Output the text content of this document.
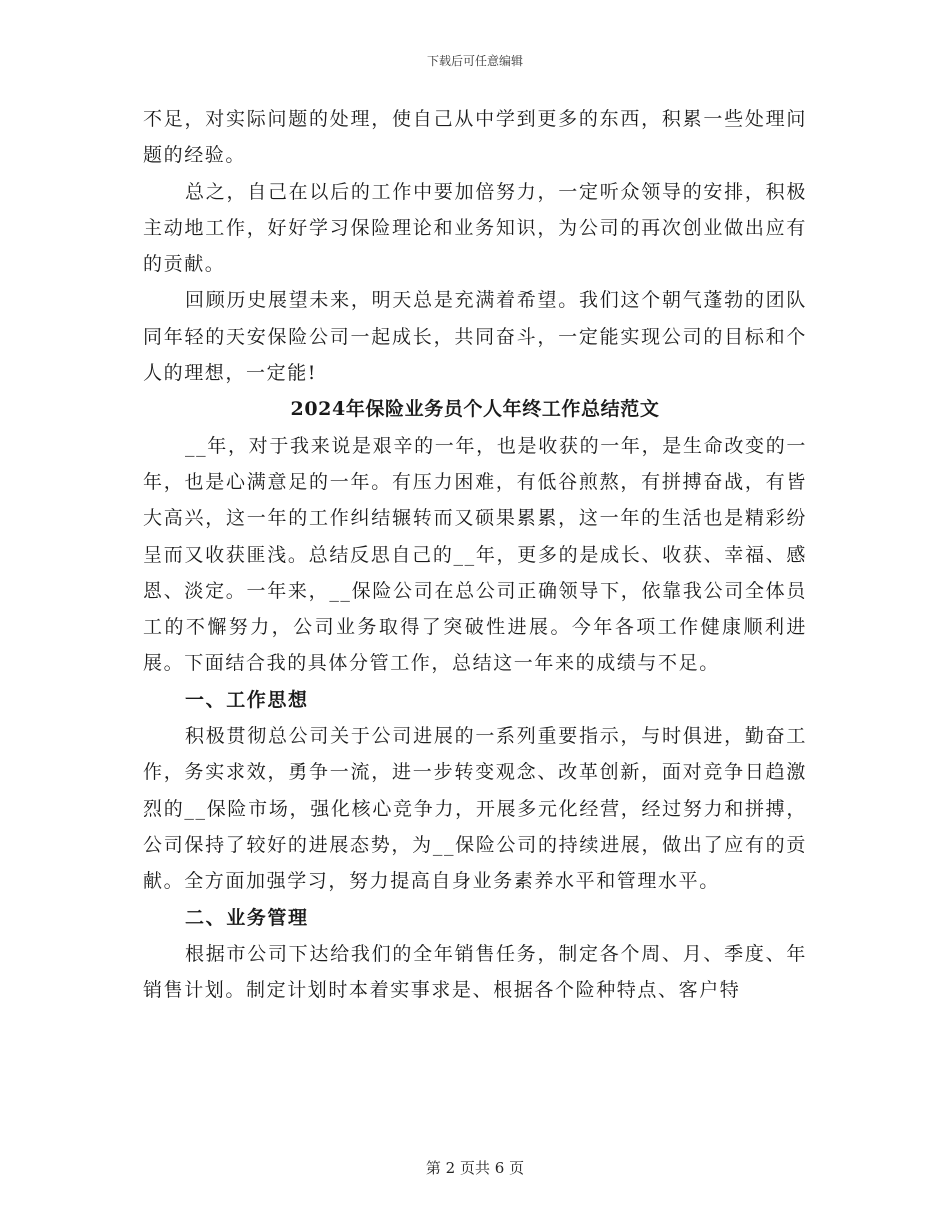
下载后可任意编辑

不足，对实际问题的处理，使自己从中学到更多的东西，积累一些处理问题的经验。

总之，自己在以后的工作中要加倍努力，一定听众领导的安排，积极主动地工作，好好学习保险理论和业务知识，为公司的再次创业做出应有的贡献。

回顾历史展望未来，明天总是充满着希望。我们这个朝气蓬勃的团队同年轻的天安保险公司一起成长，共同奋斗，一定能实现公司的目标和个人的理想，一定能!

2024年保险业务员个人年终工作总结范文

__年，对于我来说是艰辛的一年，也是收获的一年，是生命改变的一年，也是心满意足的一年。有压力困难，有低谷煎熬，有拼搏奋战，有皆大高兴，这一年的工作纠结辗转而又硕果累累，这一年的生活也是精彩纷呈而又收获匪浅。总结反思自己的__年，更多的是成长、收获、幸福、感恩、淡定。一年来，__保险公司在总公司正确领导下，依靠我公司全体员工的不懈努力，公司业务取得了突破性进展。今年各项工作健康顺利进展。下面结合我的具体分管工作，总结这一年来的成绩与不足。

一、工作思想

积极贯彻总公司关于公司进展的一系列重要指示，与时俱进，勤奋工作，务实求效，勇争一流，进一步转变观念、改革创新，面对竞争日趋激烈的__保险市场，强化核心竞争力，开展多元化经营，经过努力和拼搏，公司保持了较好的进展态势，为__保险公司的持续进展，做出了应有的贡献。全方面加强学习，努力提高自身业务素养水平和管理水平。

二、业务管理

根据市公司下达给我们的全年销售任务，制定各个周、月、季度、年销售计划。制定计划时本着实事求是、根据各个险种特点、客户特

第 2 页共 6 页
